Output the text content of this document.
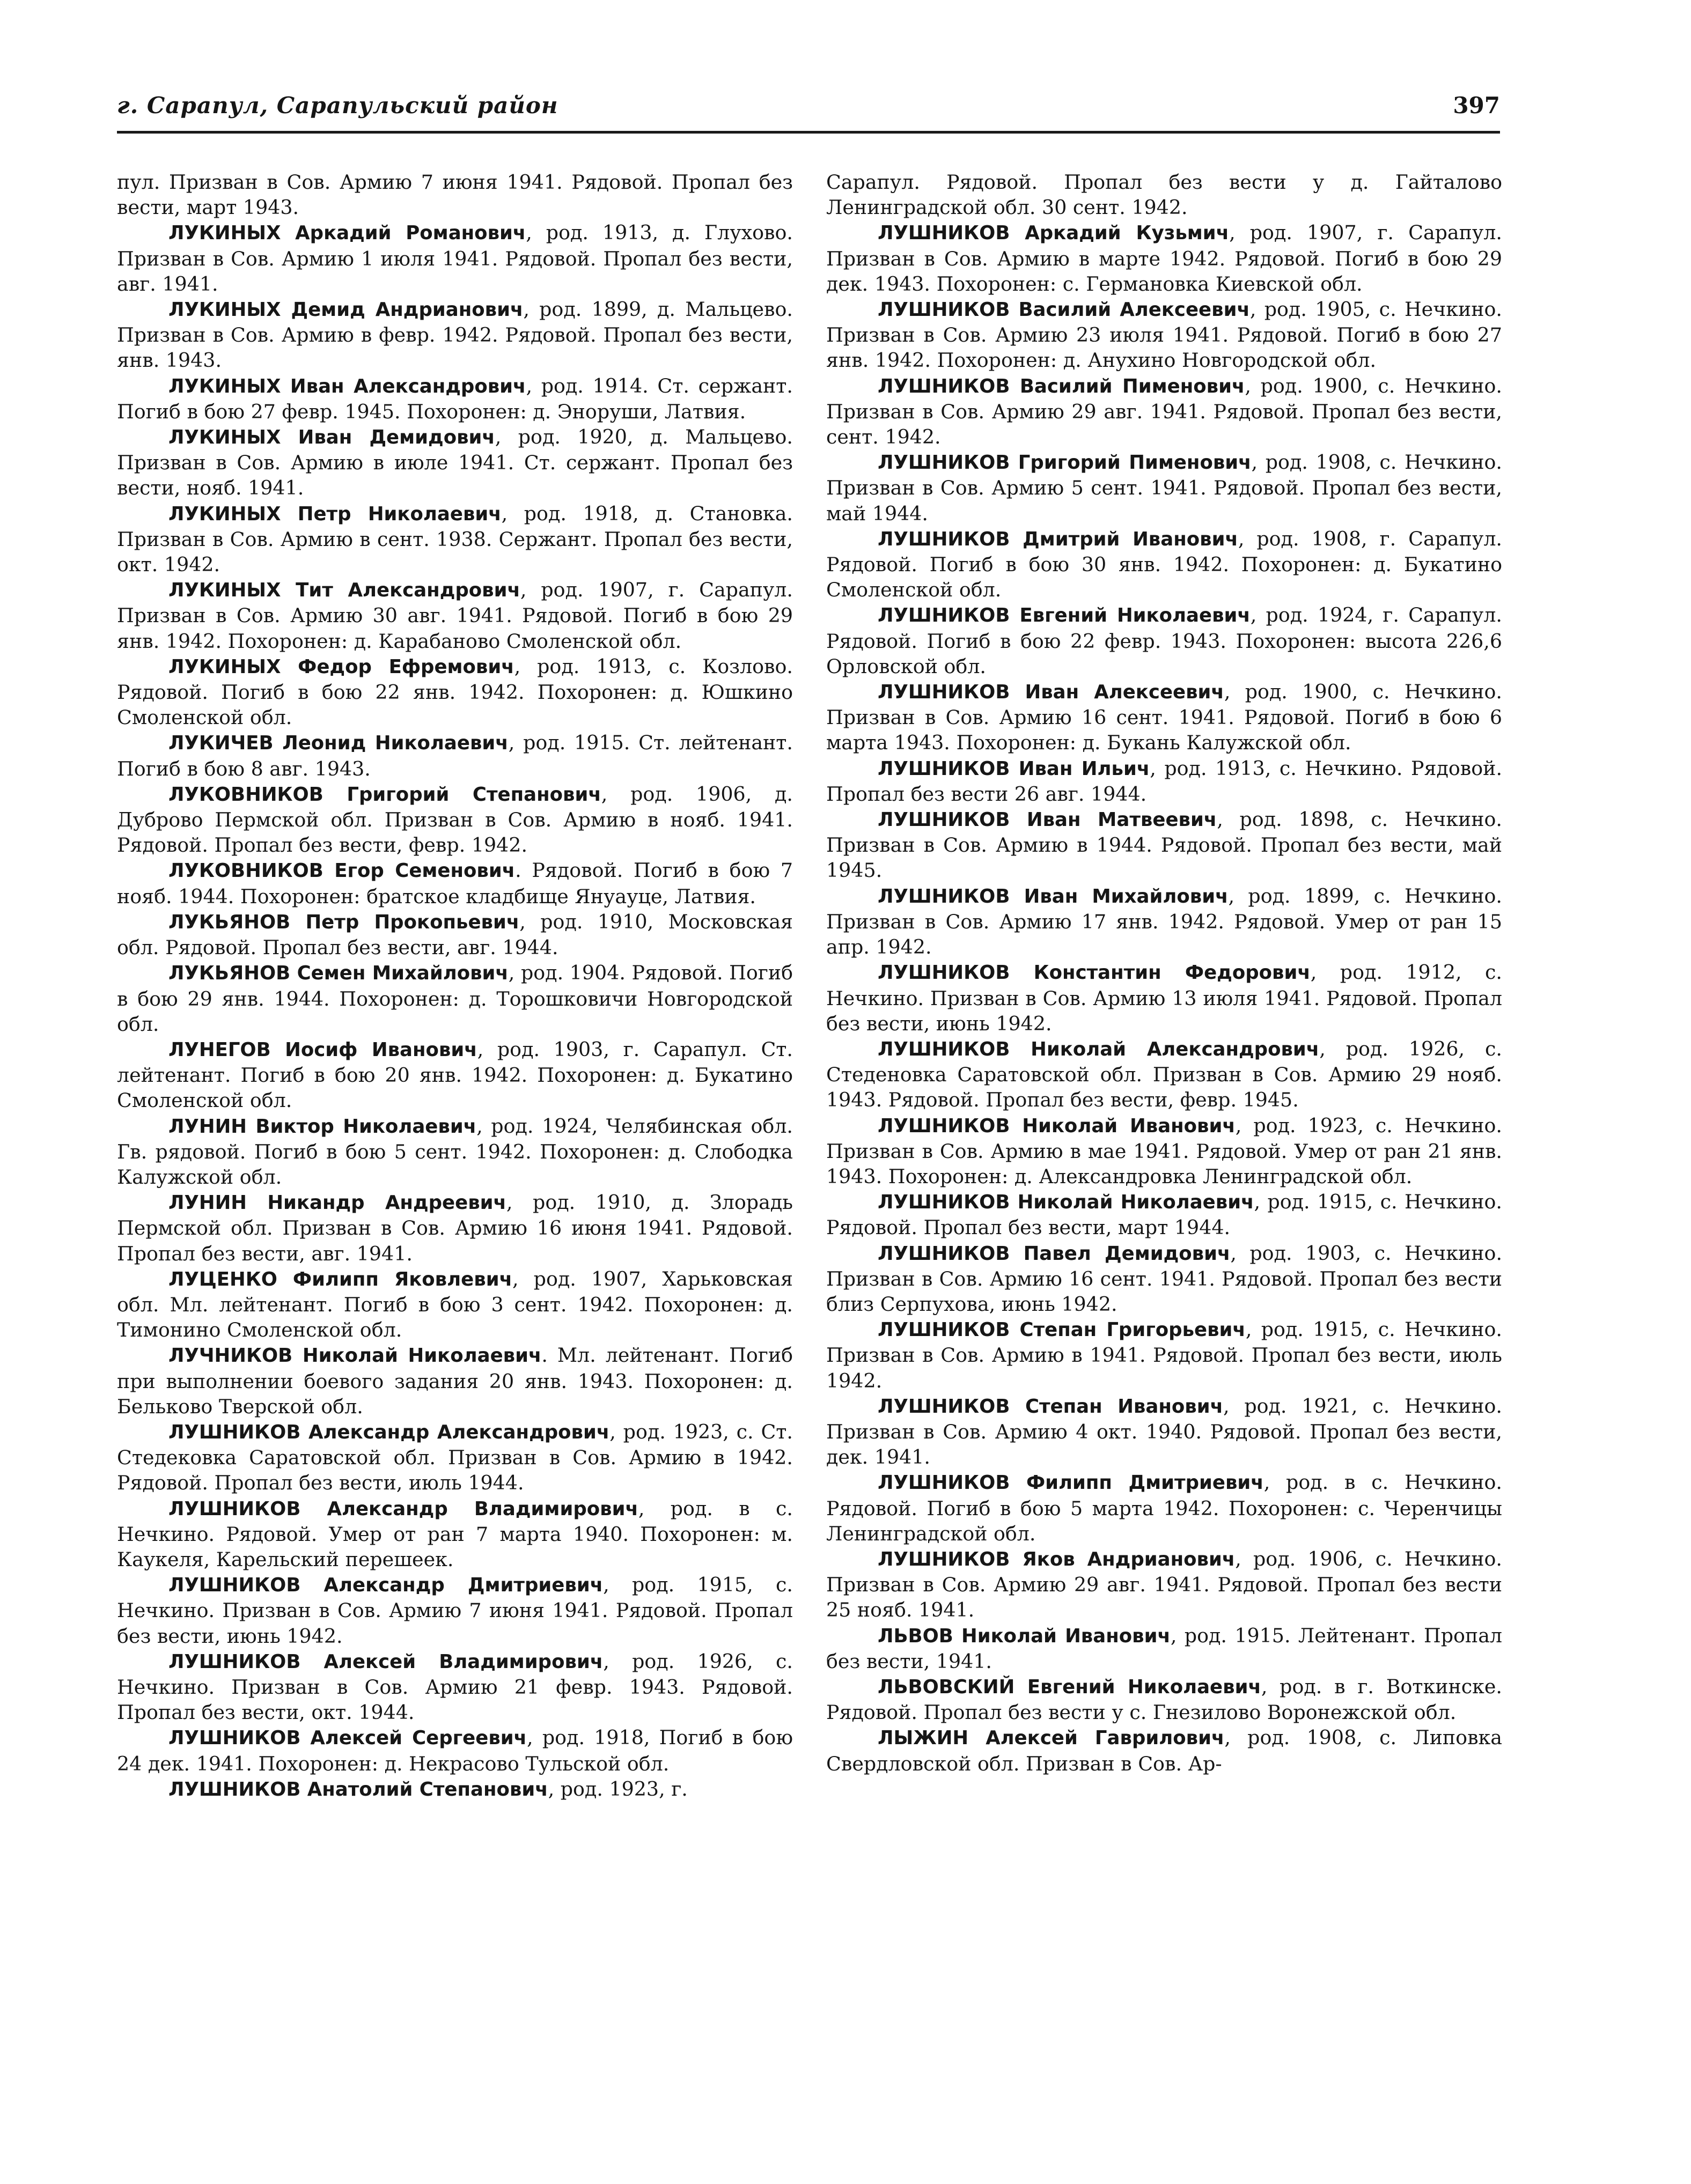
г. Сарапул, Сарапульский район	397

пул. Призван в Сов. Армию 7 июня 1941. Рядовой. Пропал без вести, март 1943.

ЛУКИНЫХ Аркадий Романович, род. 1913, д. Глухово. Призван в Сов. Армию 1 июля 1941. Рядовой. Пропал без вести, авг. 1941.

ЛУКИНЫХ Демид Андрианович, род. 1899, д. Мальцево. Призван в Сов. Армию в февр. 1942. Рядовой. Пропал без вести, янв. 1943.

ЛУКИНЫХ Иван Александрович, род. 1914. Ст. сержант. Погиб в бою 27 февр. 1945. Похоронен: д. Эноруши, Латвия.

ЛУКИНЫХ Иван Демидович, род. 1920, д. Мальцево. Призван в Сов. Армию в июле 1941. Ст. сержант. Пропал без вести, нояб. 1941.

ЛУКИНЫХ Петр Николаевич, род. 1918, д. Становка. Призван в Сов. Армию в сент. 1938. Сержант. Пропал без вести, окт. 1942.

ЛУКИНЫХ Тит Александрович, род. 1907, г. Сарапул. Призван в Сов. Армию 30 авг. 1941. Рядовой. Погиб в бою 29 янв. 1942. Похоронен: д. Карабаново Смоленской обл.

ЛУКИНЫХ Федор Ефремович, род. 1913, с. Козлово. Рядовой. Погиб в бою 22 янв. 1942. Похоронен: д. Юшкино Смоленской обл.

ЛУКИЧЕВ Леонид Николаевич, род. 1915. Ст. лейтенант. Погиб в бою 8 авг. 1943.

ЛУКОВНИКОВ Григорий Степанович, род. 1906, д. Дуброво Пермской обл. Призван в Сов. Армию в нояб. 1941. Рядовой. Пропал без вести, февр. 1942.

ЛУКОВНИКОВ Егор Семенович. Рядовой. Погиб в бою 7 нояб. 1944. Похоронен: братское кладбище Януауце, Латвия.

ЛУКЬЯНОВ Петр Прокопьевич, род. 1910, Московская обл. Рядовой. Пропал без вести, авг. 1944.

ЛУКЬЯНОВ Семен Михайлович, род. 1904. Рядовой. Погиб в бою 29 янв. 1944. Похоронен: д. Торошковичи Новгородской обл.

ЛУНЕГОВ Иосиф Иванович, род. 1903, г. Сарапул. Ст. лейтенант. Погиб в бою 20 янв. 1942. Похоронен: д. Букатино Смоленской обл.

ЛУНИН Виктор Николаевич, род. 1924, Челябинская обл. Гв. рядовой. Погиб в бою 5 сент. 1942. Похоронен: д. Слободка Калужской обл.

ЛУНИН Никандр Андреевич, род. 1910, д. Злорадь Пермской обл. Призван в Сов. Армию 16 июня 1941. Рядовой. Пропал без вести, авг. 1941.

ЛУЦЕНКО Филипп Яковлевич, род. 1907, Харьковская обл. Мл. лейтенант. Погиб в бою 3 сент. 1942. Похоронен: д. Тимонино Смоленской обл.

ЛУЧНИКОВ Николай Николаевич. Мл. лейтенант. Погиб при выполнении боевого задания 20 янв. 1943. Похоронен: д. Бельково Тверской обл.

ЛУШНИКОВ Александр Александрович, род. 1923, с. Ст. Стедековка Саратовской обл. Призван в Сов. Армию в 1942. Рядовой. Пропал без вести, июль 1944.

ЛУШНИКОВ Александр Владимирович, род. в с. Нечкино. Рядовой. Умер от ран 7 марта 1940. Похоронен: м. Каукеля, Карельский перешеек.

ЛУШНИКОВ Александр Дмитриевич, род. 1915, с. Нечкино. Призван в Сов. Армию 7 июня 1941. Рядовой. Пропал без вести, июнь 1942.

ЛУШНИКОВ Алексей Владимирович, род. 1926, с. Нечкино. Призван в Сов. Армию 21 февр. 1943. Рядовой. Пропал без вести, окт. 1944.

ЛУШНИКОВ Алексей Сергеевич, род. 1918, Погиб в бою 24 дек. 1941. Похоронен: д. Некрасово Тульской обл.

ЛУШНИКОВ Анатолий Степанович, род. 1923, г.

Сарапул. Рядовой. Пропал без вести у д. Гайталово Ленинградской обл. 30 сент. 1942.

ЛУШНИКОВ Аркадий Кузьмич, род. 1907, г. Сарапул. Призван в Сов. Армию в марте 1942. Рядовой. Погиб в бою 29 дек. 1943. Похоронен: с. Германовка Киевской обл.

ЛУШНИКОВ Василий Алексеевич, род. 1905, с. Нечкино. Призван в Сов. Армию 23 июля 1941. Рядовой. Погиб в бою 27 янв. 1942. Похоронен: д. Анухино Новгородской обл.

ЛУШНИКОВ Василий Пименович, род. 1900, с. Нечкино. Призван в Сов. Армию 29 авг. 1941. Рядовой. Пропал без вести, сент. 1942.

ЛУШНИКОВ Григорий Пименович, род. 1908, с. Нечкино. Призван в Сов. Армию 5 сент. 1941. Рядовой. Пропал без вести, май 1944.

ЛУШНИКОВ Дмитрий Иванович, род. 1908, г. Сарапул. Рядовой. Погиб в бою 30 янв. 1942. Похоронен: д. Букатино Смоленской обл.

ЛУШНИКОВ Евгений Николаевич, род. 1924, г. Сарапул. Рядовой. Погиб в бою 22 февр. 1943. Похоронен: высота 226,6 Орловской обл.

ЛУШНИКОВ Иван Алексеевич, род. 1900, с. Нечкино. Призван в Сов. Армию 16 сент. 1941. Рядовой. Погиб в бою 6 марта 1943. Похоронен: д. Букань Калужской обл.

ЛУШНИКОВ Иван Ильич, род. 1913, с. Нечкино. Рядовой. Пропал без вести 26 авг. 1944.

ЛУШНИКОВ Иван Матвеевич, род. 1898, с. Нечкино. Призван в Сов. Армию в 1944. Рядовой. Пропал без вести, май 1945.

ЛУШНИКОВ Иван Михайлович, род. 1899, с. Нечкино. Призван в Сов. Армию 17 янв. 1942. Рядовой. Умер от ран 15 апр. 1942.

ЛУШНИКОВ Константин Федорович, род. 1912, с. Нечкино. Призван в Сов. Армию 13 июля 1941. Рядовой. Пропал без вести, июнь 1942.

ЛУШНИКОВ Николай Александрович, род. 1926, с. Стеденовка Саратовской обл. Призван в Сов. Армию 29 нояб. 1943. Рядовой. Пропал без вести, февр. 1945.

ЛУШНИКОВ Николай Иванович, род. 1923, с. Нечкино. Призван в Сов. Армию в мае 1941. Рядовой. Умер от ран 21 янв. 1943. Похоронен: д. Александровка Ленинградской обл.

ЛУШНИКОВ Николай Николаевич, род. 1915, с. Нечкино. Рядовой. Пропал без вести, март 1944.

ЛУШНИКОВ Павел Демидович, род. 1903, с. Нечкино. Призван в Сов. Армию 16 сент. 1941. Рядовой. Пропал без вести близ Серпухова, июнь 1942.

ЛУШНИКОВ Степан Григорьевич, род. 1915, с. Нечкино. Призван в Сов. Армию в 1941. Рядовой. Пропал без вести, июль 1942.

ЛУШНИКОВ Степан Иванович, род. 1921, с. Нечкино. Призван в Сов. Армию 4 окт. 1940. Рядовой. Пропал без вести, дек. 1941.

ЛУШНИКОВ Филипп Дмитриевич, род. в с. Нечкино. Рядовой. Погиб в бою 5 марта 1942. Похоронен: с. Черенчицы Ленинградской обл.

ЛУШНИКОВ Яков Андрианович, род. 1906, с. Нечкино. Призван в Сов. Армию 29 авг. 1941. Рядовой. Пропал без вести 25 нояб. 1941.

ЛЬВОВ Николай Иванович, род. 1915. Лейтенант. Пропал без вести, 1941.

ЛЬВОВСКИЙ Евгений Николаевич, род. в г. Воткинске. Рядовой. Пропал без вести у с. Гнезилово Воронежской обл.

ЛЫЖИН Алексей Гаврилович, род. 1908, с. Липовка Свердловской обл. Призван в Сов. Ар-
